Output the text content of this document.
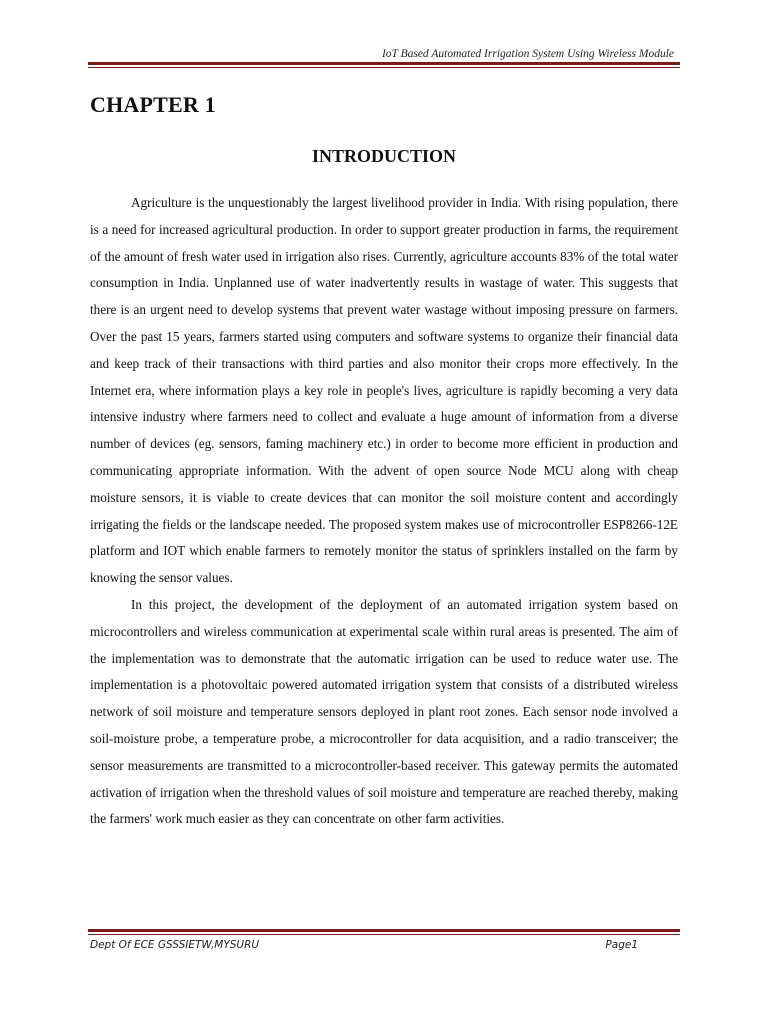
IoT Based Automated Irrigation System Using Wireless Module
CHAPTER 1
INTRODUCTION

Agriculture is the unquestionably the largest livelihood provider in India. With rising population, there is a need for increased agricultural production. In order to support greater production in farms, the requirement of the amount of fresh water used in irrigation also rises. Currently, agriculture accounts 83% of the total water consumption in India. Unplanned use of water inadvertently results in wastage of water. This suggests that there is an urgent need to develop systems that prevent water wastage without imposing pressure on farmers. Over the past 15 years, farmers started using computers and software systems to organize their financial data and keep track of their transactions with third parties and also monitor their crops more effectively. In the Internet era, where information plays a key role in people's lives, agriculture is rapidly becoming a very data intensive industry where farmers need to collect and evaluate a huge amount of information from a diverse number of devices (eg. sensors, faming machinery etc.) in order to become more efficient in production and communicating appropriate information. With the advent of open source Node MCU along with cheap moisture sensors, it is viable to create devices that can monitor the soil moisture content and accordingly irrigating the fields or the landscape needed. The proposed system makes use of microcontroller ESP8266-12E platform and IOT which enable farmers to remotely monitor the status of sprinklers installed on the farm by knowing the sensor values.

In this project, the development of the deployment of an automated irrigation system based on microcontrollers and wireless communication at experimental scale within rural areas is presented. The aim of the implementation was to demonstrate that the automatic irrigation can be used to reduce water use. The implementation is a photovoltaic powered automated irrigation system that consists of a distributed wireless network of soil moisture and temperature sensors deployed in plant root zones. Each sensor node involved a soil-moisture probe, a temperature probe, a microcontroller for data acquisition, and a radio transceiver; the sensor measurements are transmitted to a microcontroller-based receiver. This gateway permits the automated activation of irrigation when the threshold values of soil moisture and temperature are reached thereby, making the farmers' work much easier as they can concentrate on other farm activities.

Dept Of ECE GSSSIETW,MYSURU	Page1
